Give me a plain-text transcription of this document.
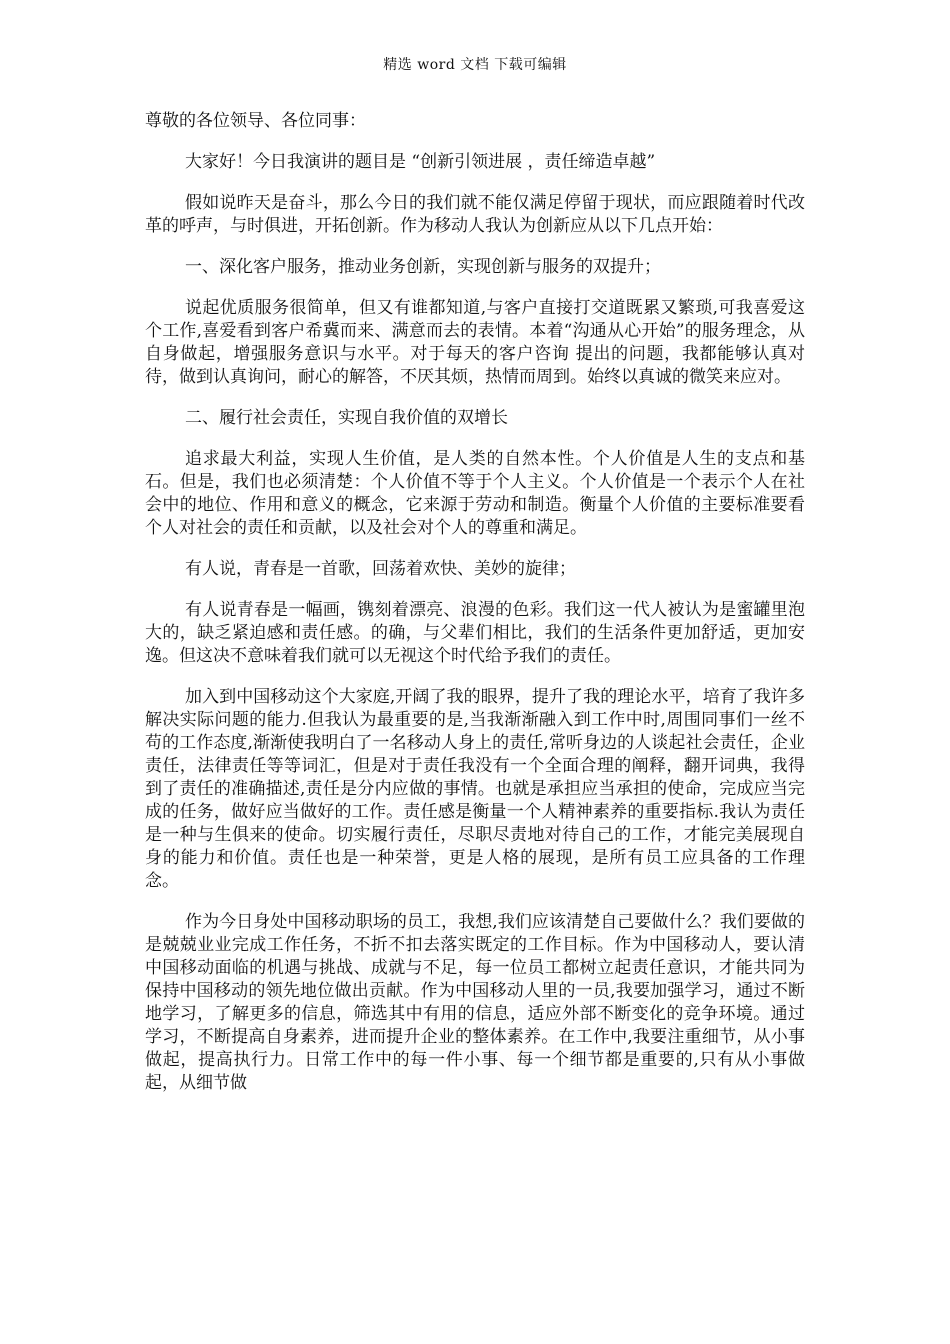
精选 word 文档 下载可编辑

尊敬的各位领导、各位同事：

大家好！今日我演讲的题目是 “创新引领进展 ，责任缔造卓越”

假如说昨天是奋斗，那么今日的我们就不能仅满足停留于现状，而应跟随着时代改革的呼声，与时俱进，开拓创新。作为移动人我认为创新应从以下几点开始：

一、深化客户服务，推动业务创新，实现创新与服务的双提升；

说起优质服务很简单，但又有谁都知道,与客户直接打交道既累又繁琐,可我喜爱这个工作,喜爱看到客户希冀而来、满意而去的表情。本着“沟通从心开始”的服务理念，从自身做起，增强服务意识与水平。对于每天的客户咨询 提出的问题，我都能够认真对待，做到认真询问，耐心的解答，不厌其烦，热情而周到。始终以真诚的微笑来应对。

二、履行社会责任，实现自我价值的双增长

追求最大利益，实现人生价值，是人类的自然本性。个人价值是人生的支点和基石。但是，我们也必须清楚：个人价值不等于个人主义。个人价值是一个表示个人在社会中的地位、作用和意义的概念，它来源于劳动和制造。衡量个人价值的主要标准要看个人对社会的责任和贡献，以及社会对个人的尊重和满足。

有人说，青春是一首歌，回荡着欢快、美妙的旋律；

有人说青春是一幅画，镌刻着漂亮、浪漫的色彩。我们这一代人被认为是蜜罐里泡大的，缺乏紧迫感和责任感。的确，与父辈们相比，我们的生活条件更加舒适，更加安逸。但这决不意味着我们就可以无视这个时代给予我们的责任。

加入到中国移动这个大家庭,开阔了我的眼界，提升了我的理论水平，培育了我许多解决实际问题的能力.但我认为最重要的是,当我渐渐融入到工作中时,周围同事们一丝不苟的工作态度,渐渐使我明白了一名移动人身上的责任,常听身边的人谈起社会责任，企业责任，法律责任等等词汇，但是对于责任我没有一个全面合理的阐释，翻开词典，我得到了责任的准确描述,责任是分内应做的事情。也就是承担应当承担的使命，完成应当完成的任务，做好应当做好的工作。责任感是衡量一个人精神素养的重要指标.我认为责任是一种与生俱来的使命。切实履行责任，尽职尽责地对待自己的工作，才能完美展现自身的能力和价值。责任也是一种荣誉，更是人格的展现，是所有员工应具备的工作理念。

作为今日身处中国移动职场的员工，我想,我们应该清楚自己要做什么？我们要做的是兢兢业业完成工作任务，不折不扣去落实既定的工作目标。作为中国移动人，要认清中国移动面临的机遇与挑战、成就与不足，每一位员工都树立起责任意识，才能共同为保持中国移动的领先地位做出贡献。作为中国移动人里的一员,我要加强学习，通过不断地学习，了解更多的信息，筛选其中有用的信息，适应外部不断变化的竞争环境。通过学习，不断提高自身素养，进而提升企业的整体素养。在工作中,我要注重细节，从小事做起，提高执行力。日常工作中的每一件小事、每一个细节都是重要的,只有从小事做起，从细节做
